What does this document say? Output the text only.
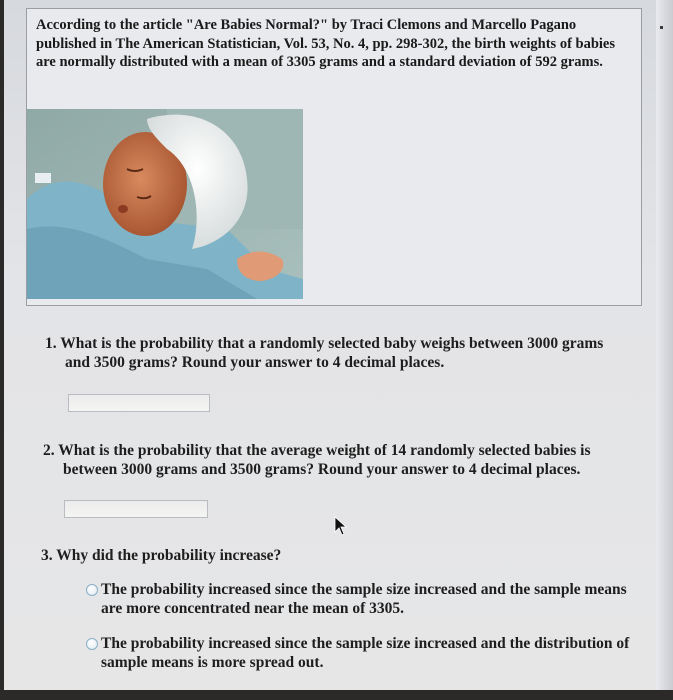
According to the article "Are Babies Normal?" by Traci Clemons and Marcello Pagano published in The American Statistician, Vol. 53, No. 4, pp. 298-302, the birth weights of babies are normally distributed with a mean of 3305 grams and a standard deviation of 592 grams.
1. What is the probability that a randomly selected baby weighs between 3000 grams
and 3500 grams? Round your answer to 4 decimal places.
2. What is the probability that the average weight of 14 randomly selected babies is
between 3000 grams and 3500 grams? Round your answer to 4 decimal places.
3. Why did the probability increase?
The probability increased since the sample size increased and the sample means are more concentrated near the mean of 3305.
The probability increased since the sample size increased and the distribution of sample means is more spread out.
